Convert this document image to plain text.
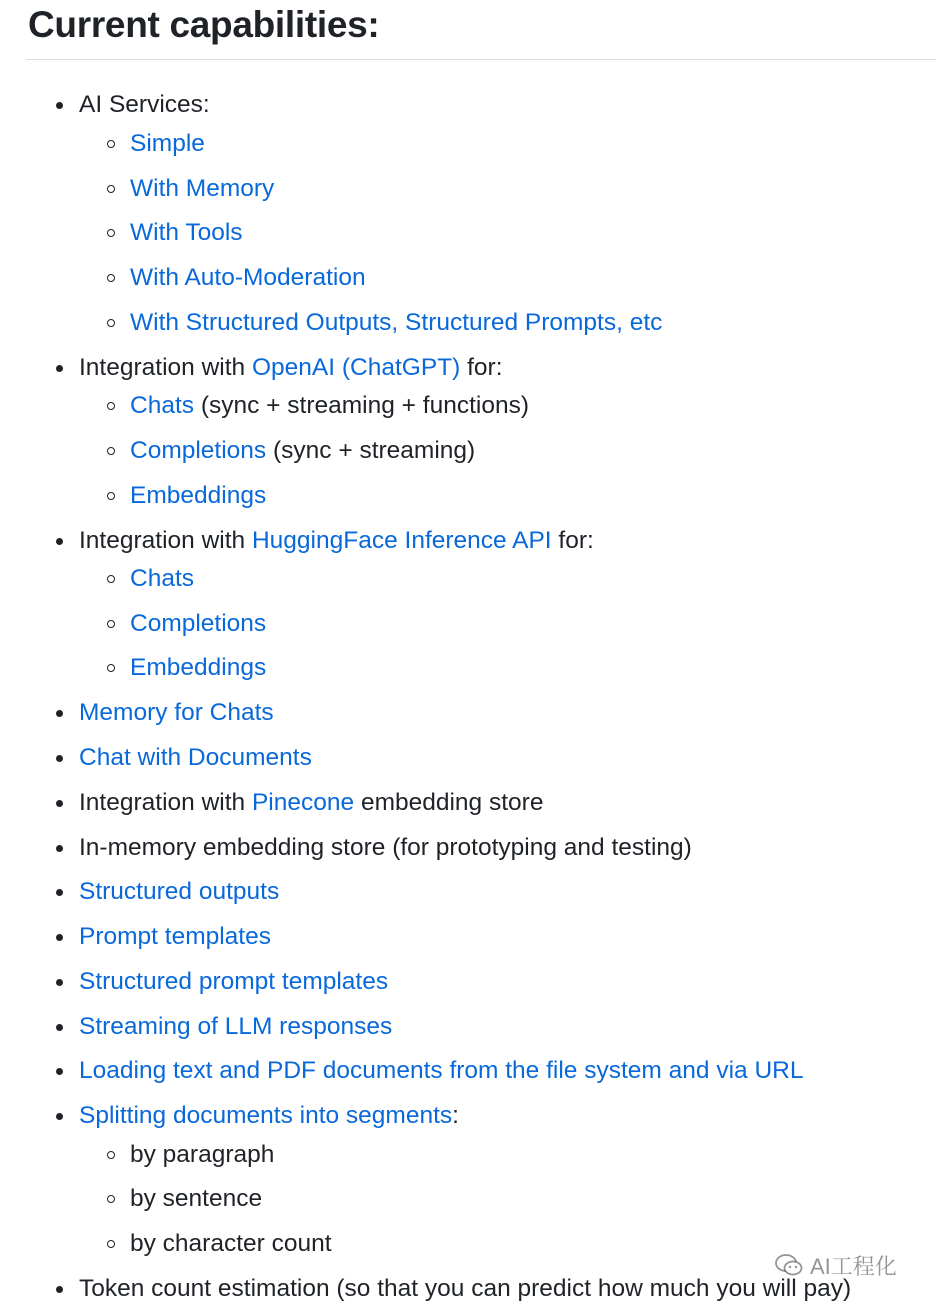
Current capabilities:
AI Services:
Simple
With Memory
With Tools
With Auto-Moderation
With Structured Outputs, Structured Prompts, etc
Integration with OpenAI (ChatGPT) for:
Chats (sync + streaming + functions)
Completions (sync + streaming)
Embeddings
Integration with HuggingFace Inference API for:
Chats
Completions
Embeddings
Memory for Chats
Chat with Documents
Integration with Pinecone embedding store
In-memory embedding store (for prototyping and testing)
Structured outputs
Prompt templates
Structured prompt templates
Streaming of LLM responses
Loading text and PDF documents from the file system and via URL
Splitting documents into segments:
by paragraph
by sentence
by character count
Token count estimation (so that you can predict how much you will pay)
AI工程化
